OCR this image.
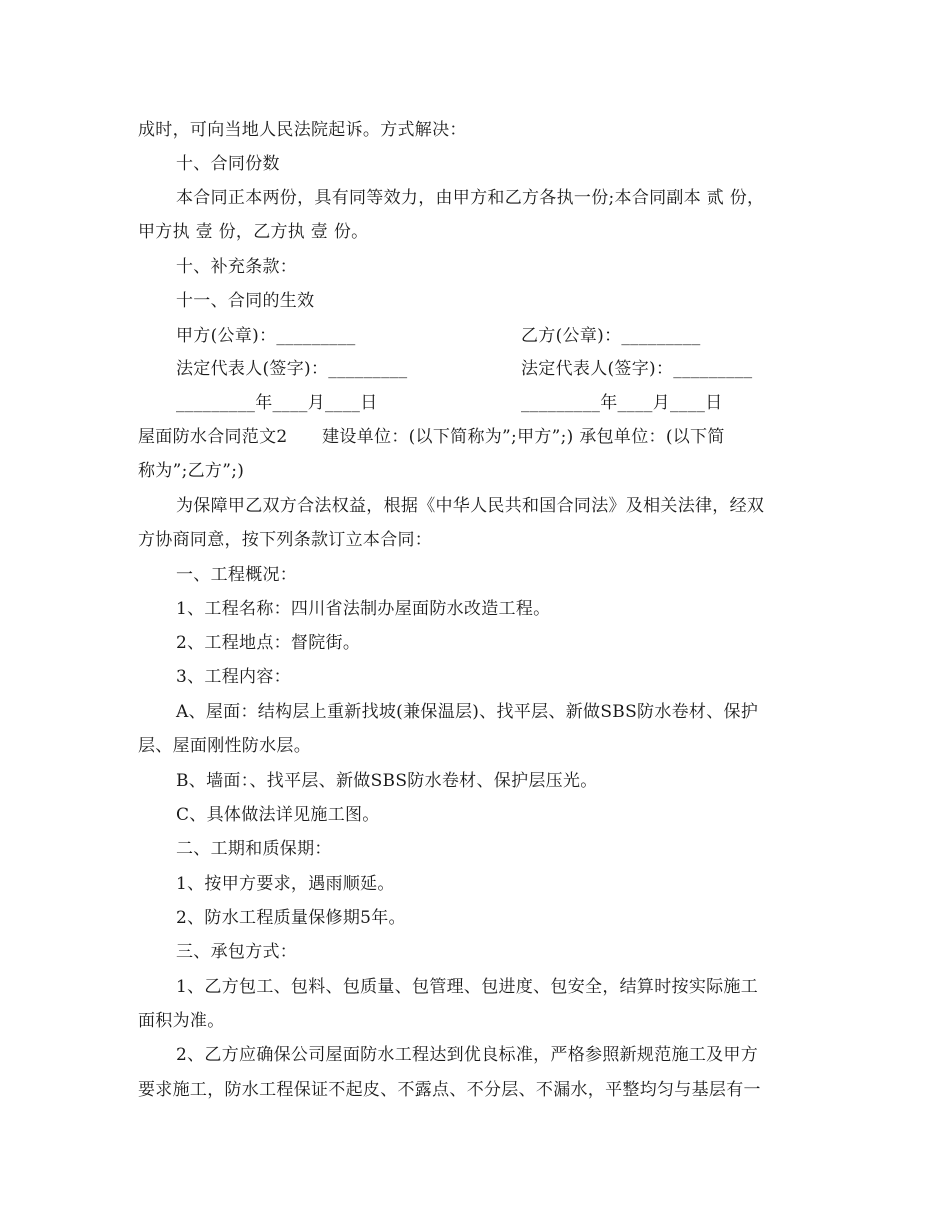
成时，可向当地人民法院起诉。方式解决：
十、合同份数
本合同正本两份，具有同等效力，由甲方和乙方各执一份;本合同副本 贰 份，
甲方执 壹 份，乙方执 壹 份。
十、补充条款：
十一、合同的生效
甲方(公章)：_________	乙方(公章)：_________
法定代表人(签字)：_________	法定代表人(签字)：_________
_________年____月____日	_________年____月____日
屋面防水合同范文2　　建设单位：(以下简称为”;甲方”;) 承包单位：(以下简
称为”;乙方”;)
为保障甲乙双方合法权益，根据《中华人民共和国合同法》及相关法律，经双
方协商同意，按下列条款订立本合同：
一、工程概况：
1、工程名称：四川省法制办屋面防水改造工程。
2、工程地点：督院街。
3、工程内容：
A、屋面：结构层上重新找坡(兼保温层)、找平层、新做SBS防水卷材、保护
层、屋面刚性防水层。
B、墙面：、找平层、新做SBS防水卷材、保护层压光。
C、具体做法详见施工图。
二、工期和质保期：
1、按甲方要求，遇雨顺延。
2、防水工程质量保修期5年。
三、承包方式：
1、乙方包工、包料、包质量、包管理、包进度、包安全，结算时按实际施工
面积为准。
2、乙方应确保公司屋面防水工程达到优良标准，严格参照新规范施工及甲方
要求施工，防水工程保证不起皮、不露点、不分层、不漏水，平整均匀与基层有一
